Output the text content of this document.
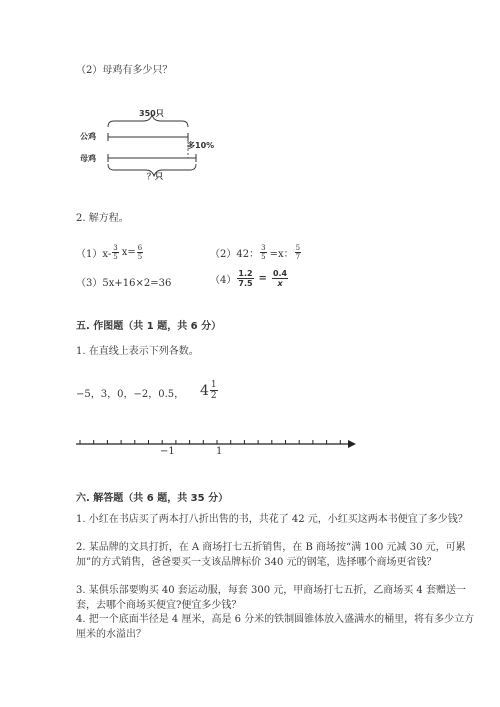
（2）母鸡有多少只？
350只
公鸡
母鸡
多10%
？只
2. 解方程。
$(1)x- \frac{3}{5} x= \frac{6}{5}$	（2）42： $\frac{3}{5} =x$： $\frac{5}{7}$
（3）5x+16×2=36	$(4) \frac{1.2}{7.5} = \frac{0.4}{x}$
五. 作图题（共 1 题，共 6 分）
1. 在直线上表示下列各数。
−5，3，0，−2，0.5， $4 \frac{1}{2}$
−1	1
六. 解答题（共 6 题，共 35 分）
1. 小红在书店买了两本打八折出售的书，共花了 42 元，小红买这两本书便宜了多少钱？
2. 某品牌的文具打折，在 A 商场打七五折销售，在 B 商场按“满 100 元减 30 元，可累加”的方式销售，爸爸要买一支该品牌标价 340 元的钢笔，选择哪个商场更省钱？
3. 某俱乐部要购买 40 套运动服，每套 300 元，甲商场打七五折，乙商场买 4 套赠送一套，去哪个商场买便宜?便宜多少钱？
4. 把一个底面半径是 4 厘米，高是 6 分米的铁制圆锥体放入盛满水的桶里，将有多少立方厘米的水溢出？
